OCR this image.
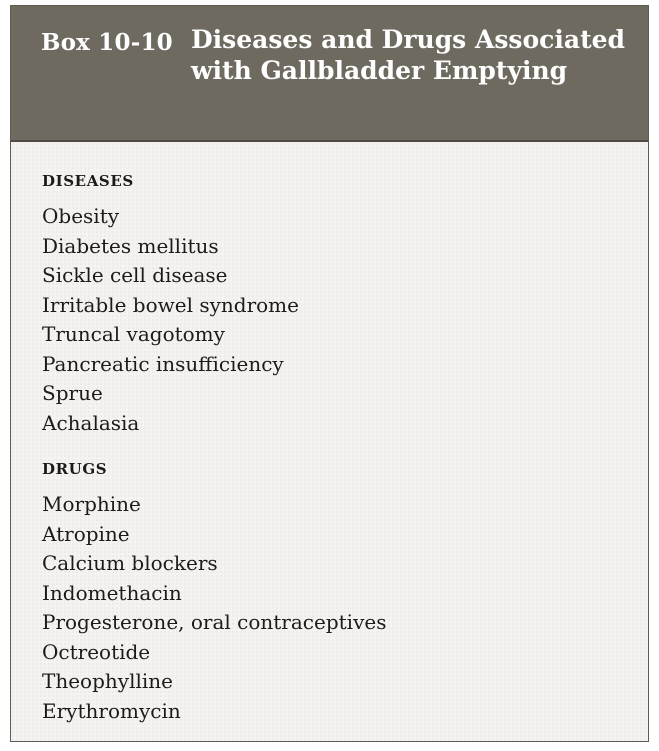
Box 10-10 Diseases and Drugs Associated with Gallbladder Emptying
DISEASES
Obesity
Diabetes mellitus
Sickle cell disease
Irritable bowel syndrome
Truncal vagotomy
Pancreatic insufficiency
Sprue
Achalasia
DRUGS
Morphine
Atropine
Calcium blockers
Indomethacin
Progesterone, oral contraceptives
Octreotide
Theophylline
Erythromycin
